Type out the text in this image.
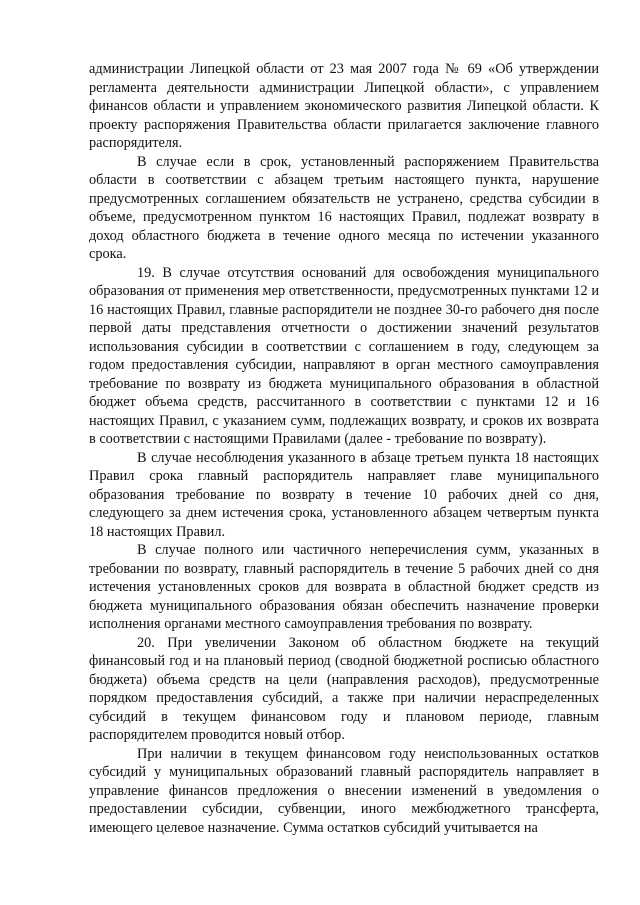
администрации Липецкой области от 23 мая 2007 года № 69 «Об утверждении регламента деятельности администрации Липецкой области», с управлением финансов области и управлением экономического развития Липецкой области. К проекту распоряжения Правительства области прилагается заключение главного распорядителя.

В случае если в срок, установленный распоряжением Правительства области в соответствии с абзацем третьим настоящего пункта, нарушение предусмотренных соглашением обязательств не устранено, средства субсидии в объеме, предусмотренном пунктом 16 настоящих Правил, подлежат возврату в доход областного бюджета в течение одного месяца по истечении указанного срока.

19. В случае отсутствия оснований для освобождения муниципального образования от применения мер ответственности, предусмотренных пунктами 12 и 16 настоящих Правил, главные распорядители не позднее 30-го рабочего дня после первой даты представления отчетности о достижении значений результатов использования субсидии в соответствии с соглашением в году, следующем за годом предоставления субсидии, направляют в орган местного самоуправления требование по возврату из бюджета муниципального образования в областной бюджет объема средств, рассчитанного в соответствии с пунктами 12 и 16 настоящих Правил, с указанием сумм, подлежащих возврату, и сроков их возврата в соответствии с настоящими Правилами (далее - требование по возврату).

В случае несоблюдения указанного в абзаце третьем пункта 18 настоящих Правил срока главный распорядитель направляет главе муниципального образования требование по возврату в течение 10 рабочих дней со дня, следующего за днем истечения срока, установленного абзацем четвертым пункта 18 настоящих Правил.

В случае полного или частичного неперечисления сумм, указанных в требовании по возврату, главный распорядитель в течение 5 рабочих дней со дня истечения установленных сроков для возврата в областной бюджет средств из бюджета муниципального образования обязан обеспечить назначение проверки исполнения органами местного самоуправления требования по возврату.

20. При увеличении Законом об областном бюджете на текущий финансовый год и на плановый период (сводной бюджетной росписью областного бюджета) объема средств на цели (направления расходов), предусмотренные порядком предоставления субсидий, а также при наличии нераспределенных субсидий в текущем финансовом году и плановом периоде, главным распорядителем проводится новый отбор.

При наличии в текущем финансовом году неиспользованных остатков субсидий у муниципальных образований главный распорядитель направляет в управление финансов предложения о внесении изменений в уведомления о предоставлении субсидии, субвенции, иного межбюджетного трансферта, имеющего целевое назначение. Сумма остатков субсидий учитывается на
